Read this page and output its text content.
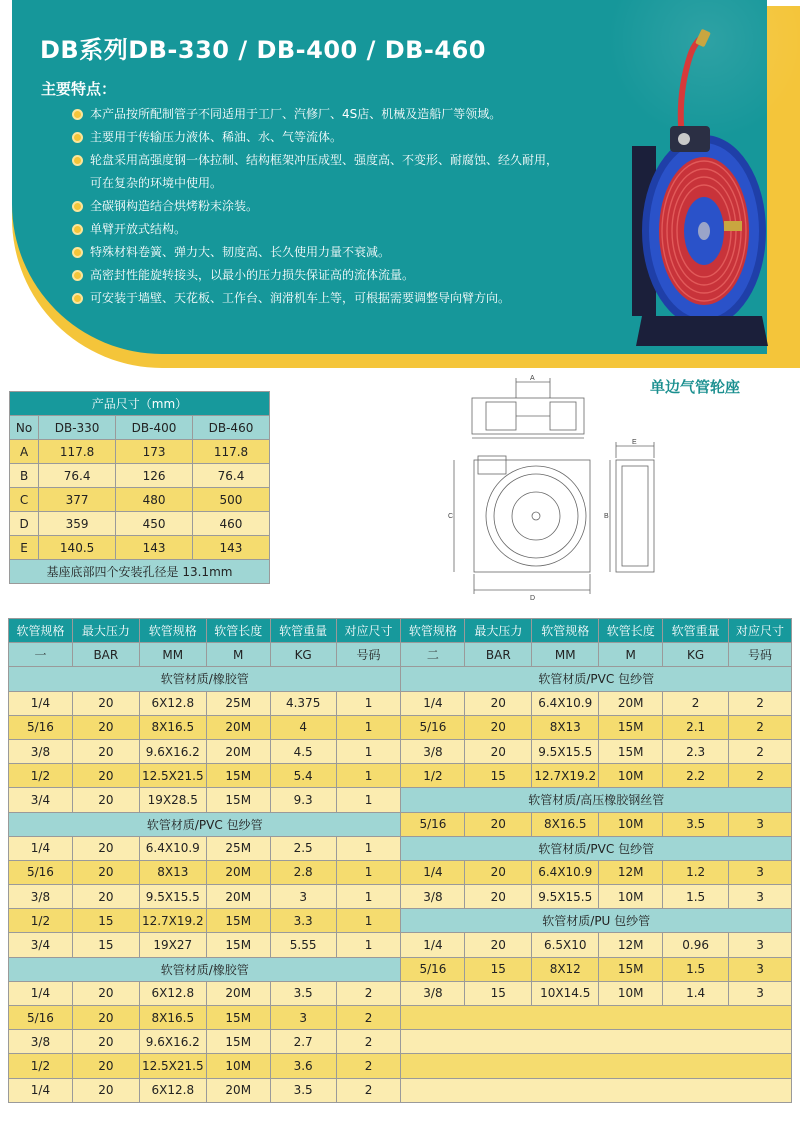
DB系列DB-330 / DB-400 / DB-460
主要特点：
本产品按所配制管子不同适用于工厂、汽修厂、4S店、机械及造船厂等领域。
主要用于传输压力液体、稀油、水、气等流体。
轮盘采用高强度钢一体拉制、结构框架冲压成型、强度高、不变形、耐腐蚀、经久耐用，
可在复杂的环境中使用。
全碳钢构造结合烘烤粉末涂装。
单臂开放式结构。
特殊材料卷簧、弹力大、韧度高、长久使用力量不衰减。
高密封性能旋转接头，以最小的压力损失保证高的流体流量。
可安装于墙壁、天花板、工作台、润滑机车上等，可根据需要调整导向臂方向。
产品尺寸（mm）			
No	DB-330	DB-400	DB-460
A	117.8	173	117.8
B	76.4	126	76.4
C	377	480	500
D	359	450	460
E	140.5	143	143
基座底部四个安装孔径是 13.1mm			
单边气管轮座
A
C
D
E
B
软管规格	最大压力	软管规格	软管长度	软管重量	对应尺寸	软管规格	最大压力	软管规格	软管长度	软管重量	对应尺寸
一	BAR	MM	M	KG	号码	二	BAR	MM	M	KG	号码
软管材质/橡胶管						软管材质/PVC 包纱管					
1/4	20	6X12.8	25M	4.375	1	1/4	20	6.4X10.9	20M	2	2
5/16	20	8X16.5	20M	4	1	5/16	20	8X13	15M	2.1	2
3/8	20	9.6X16.2	20M	4.5	1	3/8	20	9.5X15.5	15M	2.3	2
1/2	20	12.5X21.5	15M	5.4	1	1/2	15	12.7X19.2	10M	2.2	2
3/4	20	19X28.5	15M	9.3	1	软管材质/高压橡胶钢丝管					
软管材质/PVC 包纱管						5/16	20	8X16.5	10M	3.5	3
1/4	20	6.4X10.9	25M	2.5	1	软管材质/PVC 包纱管					
5/16	20	8X13	20M	2.8	1	1/4	20	6.4X10.9	12M	1.2	3
3/8	20	9.5X15.5	20M	3	1	3/8	20	9.5X15.5	10M	1.5	3
1/2	15	12.7X19.2	15M	3.3	1	软管材质/PU 包纱管					
3/4	15	19X27	15M	5.55	1	1/4	20	6.5X10	12M	0.96	3
软管材质/橡胶管						5/16	15	8X12	15M	1.5	3
1/4	20	6X12.8	20M	3.5	2	3/8	15	10X14.5	10M	1.4	3
5/16	20	8X16.5	15M	3	2						
3/8	20	9.6X16.2	15M	2.7	2						
1/2	20	12.5X21.5	10M	3.6	2						
1/4	20	6X12.8	20M	3.5	2						
